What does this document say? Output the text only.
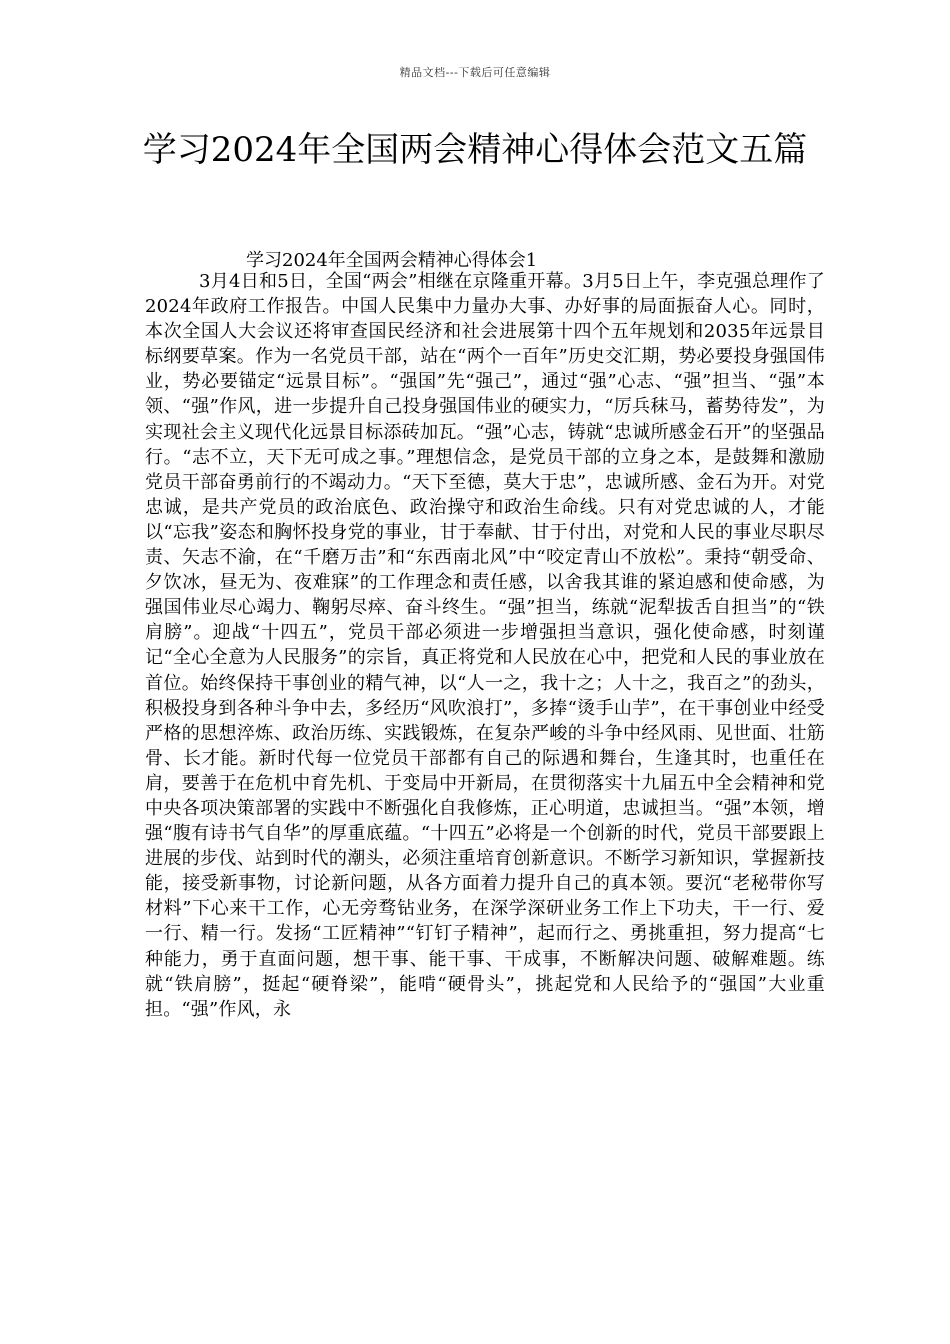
精品文档---下载后可任意编辑
学习2024年全国两会精神心得体会范文五篇
学习2024年全国两会精神心得体会1

3月4日和5日，全国“两会”相继在京隆重开幕。3月5日上午，李克强总理作了2024年政府工作报告。中国人民集中力量办大事、办好事的局面振奋人心。同时，本次全国人大会议还将审查国民经济和社会进展第十四个五年规划和2035年远景目标纲要草案。作为一名党员干部，站在“两个一百年”历史交汇期，势必要投身强国伟业，势必要锚定“远景目标”。“强国”先“强己”，通过“强”心志、“强”担当、“强”本领、“强”作风，进一步提升自己投身强国伟业的硬实力，“厉兵秣马，蓄势待发”，为实现社会主义现代化远景目标添砖加瓦。“强”心志，铸就“忠诚所感金石开”的坚强品行。“志不立，天下无可成之事。”理想信念，是党员干部的立身之本，是鼓舞和激励党员干部奋勇前行的不竭动力。“天下至德，莫大于忠”，忠诚所感、金石为开。对党忠诚，是共产党员的政治底色、政治操守和政治生命线。只有对党忠诚的人，才能以“忘我”姿态和胸怀投身党的事业，甘于奉献、甘于付出，对党和人民的事业尽职尽责、矢志不渝，在“千磨万击”和“东西南北风”中“咬定青山不放松”。秉持“朝受命、夕饮冰，昼无为、夜难寐”的工作理念和责任感，以舍我其谁的紧迫感和使命感，为强国伟业尽心竭力、鞠躬尽瘁、奋斗终生。“强”担当，练就“泥犁拔舌自担当”的“铁肩膀”。迎战“十四五”，党员干部必须进一步增强担当意识，强化使命感，时刻谨记“全心全意为人民服务”的宗旨，真正将党和人民放在心中，把党和人民的事业放在首位。始终保持干事创业的精气神，以“人一之，我十之；人十之，我百之”的劲头，积极投身到各种斗争中去，多经历“风吹浪打”，多捧“烫手山芋”，在干事创业中经受严格的思想淬炼、政治历练、实践锻炼，在复杂严峻的斗争中经风雨、见世面、壮筋骨、长才能。新时代每一位党员干部都有自己的际遇和舞台，生逢其时，也重任在肩，要善于在危机中育先机、于变局中开新局，在贯彻落实十九届五中全会精神和党中央各项决策部署的实践中不断强化自我修炼，正心明道，忠诚担当。“强”本领，增强“腹有诗书气自华”的厚重底蕴。“十四五”必将是一个创新的时代，党员干部要跟上进展的步伐、站到时代的潮头，必须注重培育创新意识。不断学习新知识，掌握新技能，接受新事物，讨论新问题，从各方面着力提升自己的真本领。要沉“老秘带你写材料”下心来干工作，心无旁骛钻业务，在深学深研业务工作上下功夫，干一行、爱一行、精一行。发扬“工匠精神”“钉钉子精神”，起而行之、勇挑重担，努力提高“七种能力，勇于直面问题，想干事、能干事、干成事，不断解决问题、破解难题。练就“铁肩膀”，挺起“硬脊梁”，能啃“硬骨头”，挑起党和人民给予的“强国”大业重担。“强”作风，永
